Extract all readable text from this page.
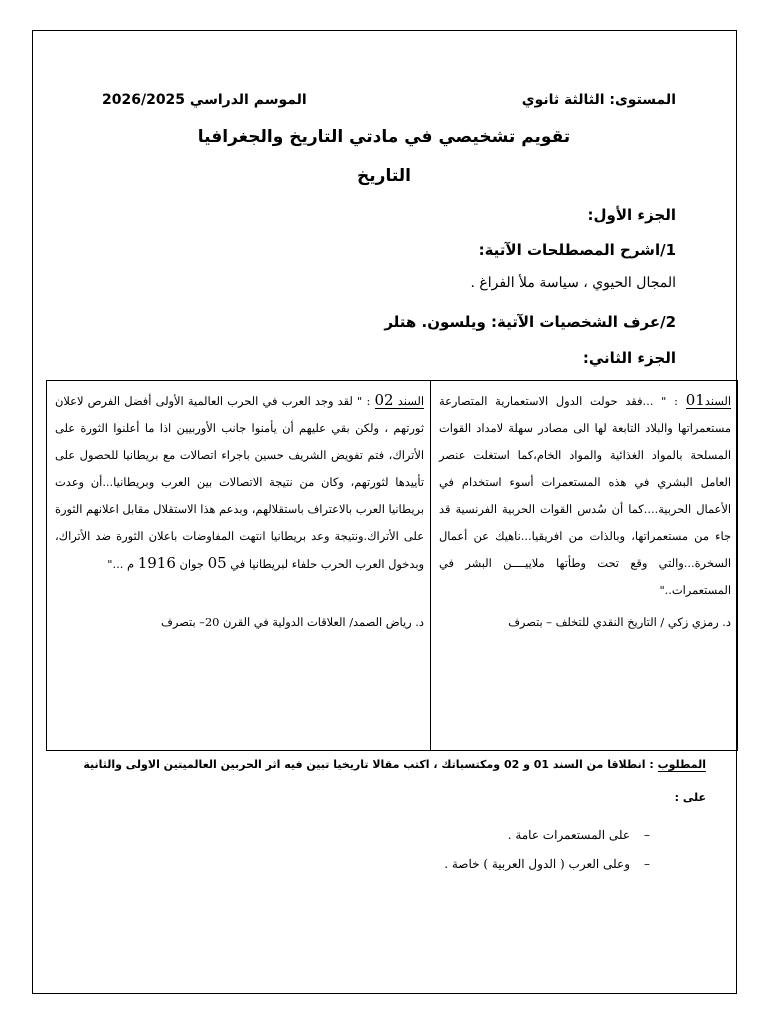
المستوى: الثالثة ثانوي
الموسم الدراسي 2026/2025
تقويم تشخيصي في مادتي التاريخ والجغرافيا
التاريخ
الجزء الأول:
1/اشرح المصطلحات الآتية:
المجال الحيوي ، سياسة ملأ الفراغ .
2/عرف الشخصيات الآتية: ويلسون. هتلر
الجزء الثاني:
السند01 : " ...فقد حولت الدول الاستعمارية المتصارعة مستعمراتها والبلاد التابعة لها الى مصادر سهلة لامداد القوات المسلحة بالمواد الغذائية والمواد الخام،كما استغلت عنصر العامل البشري في هذه المستعمرات أسوء استخدام في الأعمال الحربية....كما أن سُدس القوات الحربية الفرنسية قد جاء من مستعمراتها، وبالذات من افريقيا...ناهيك عن أعمال السخرة...والتي وقع تحت وطأتها ملاييــــن البشر في المستعمرات.."
د. رمزي زكي / التاريخ النقدي للتخلف – بتصرف
السند 02 : " لقد وجد العرب في الحرب العالمية الأولى أفضل الفرص لاعلان ثورتهم ، ولكن بقي عليهم أن يأمنوا جانب الأوربيين اذا ما أعلنوا الثورة على الأتراك، فتم تفويض الشريف حسين باجراء اتصالات مع بريطانيا للحصول على تأييدها لثورتهم، وكان من نتيجة الاتصالات بين العرب وبريطانيا...أن وعدت بريطانيا العرب بالاعتراف باستقلالهم، وبدعم هذا الاستقلال مقابل اعلانهم الثورة على الأتراك.ونتيجة وعد بريطانيا انتهت المفاوضات باعلان الثورة ضد الأتراك، وبدخول العرب الحرب حلفاء لبريطانيا في 05 جوان 1916 م ..."
د. رياض الصمد/ العلاقات الدولية في القرن 20– بتصرف
المطلوب : انطلاقا من السند 01 و 02 ومكتسباتك ، اكتب مقالا تاريخيا تبين فيه اثر الحربين العالميتين الاولى والثانية
على :
–على المستعمرات عامة .
–وعلى العرب ( الدول العربية ) خاصة .
